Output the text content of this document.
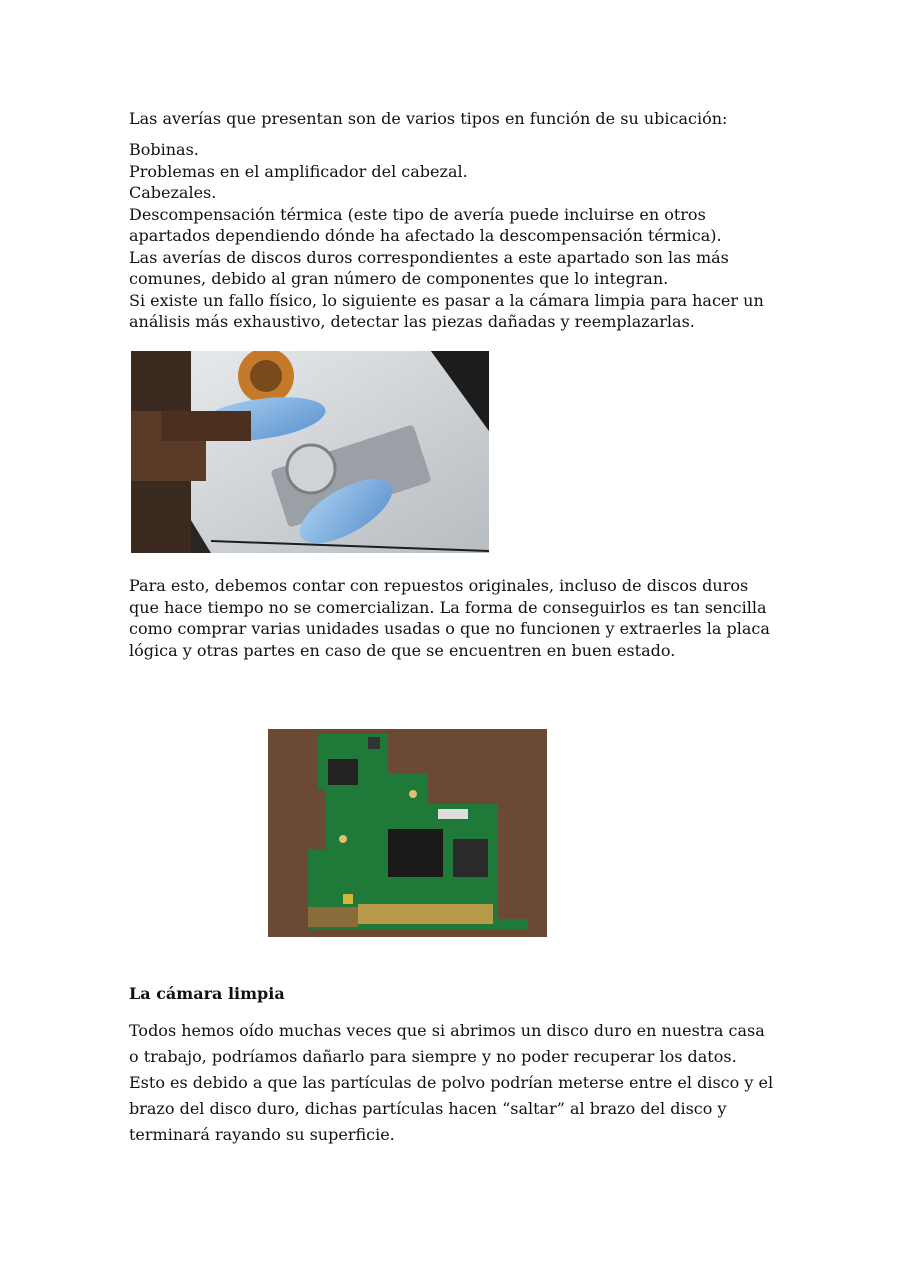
Las averías que presentan son de varios tipos en función de su ubicación:
Bobinas.
Problemas en el amplificador del cabezal.
Cabezales.
Descompensación térmica (este tipo de avería puede incluirse en otros apartados dependiendo dónde ha afectado la descompensación térmica).
Las averías de discos duros correspondientes a este apartado son las más comunes, debido al gran número de componentes que lo integran.
Si existe un fallo físico, lo siguiente es pasar a la cámara limpia para hacer un análisis más exhaustivo, detectar las piezas dañadas y reemplazarlas.
Para esto, debemos contar con repuestos originales, incluso de discos duros que hace tiempo no se comercializan. La forma de conseguirlos es tan sencilla como comprar varias unidades usadas o que no funcionen y extraerles la placa lógica y otras partes en caso de que se encuentren en buen estado.
La cámara limpia
Todos hemos oído muchas veces que si abrimos un disco duro en nuestra casa o trabajo, podríamos dañarlo para siempre y no poder recuperar los datos. Esto es debido a que las partículas de polvo podrían meterse entre el disco y el brazo del disco duro, dichas partículas hacen “saltar” al brazo del disco y terminará rayando su superficie.
